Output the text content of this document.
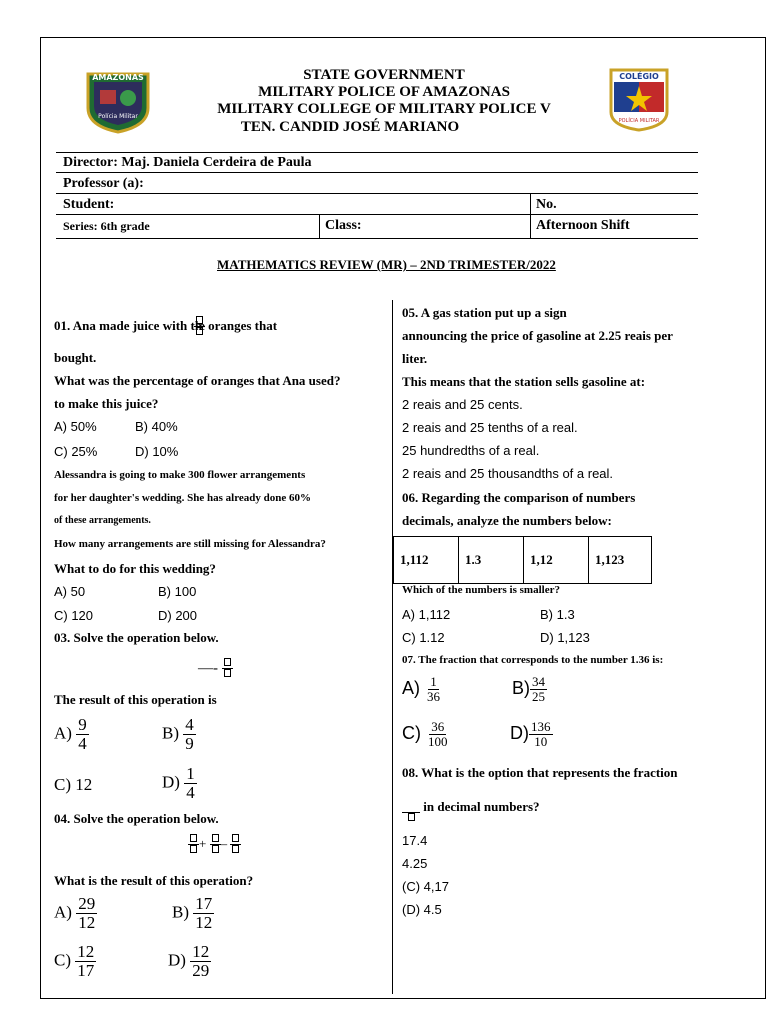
AMAZONAS
Polícia Militar
COLÉGIO
POLÍCIA MILITAR
STATE GOVERNMENT
MILITARY POLICE OF AMAZONAS
MILITARY COLLEGE OF MILITARY POLICE V
TEN. CANDID JOSÉ MARIANO
Director: Maj. Daniela Cerdeira de Paula
Professor (a):
Student:	No.
Series: 6th grade	Class:	Afternoon Shift
MATHEMATICS REVIEW (MR) – 2ND TRIMESTER/2022
01. Ana made juice with th
e oranges that
bought.
What was the percentage of oranges that Ana used?
to make this juice?
A) 50%	B) 40%
C) 25%	D) 10%
Alessandra is going to make 300 flower arrangements
for her daughter's wedding. She has already done 60%
of these arrangements.
How many arrangements are still missing for Alessandra?
What to do for this wedding?
A) 50	B) 100
C) 120	D) 200
03. Solve the operation below.
—-
The result of this operation is
$A) \frac{9}{4}$	$B) \frac{4}{9}$
C) 12	$D) \frac{1}{4}$
04. Solve the operation below.
+ –
What is the result of this operation?
$A) \frac{29}{12}$	$B) \frac{17}{12}$
$C) \frac{12}{17}$	$D) \frac{12}{29}$
05. A gas station put up a sign
announcing the price of gasoline at 2.25 reais per
liter.
This means that the station sells gasoline at:
2 reais and 25 cents.
2 reais and 25 tenths of a real.
25 hundredths of a real.
2 reais and 25 thousandths of a real.
06. Regarding the comparison of numbers
decimals, analyze the numbers below:
1,112	1.3	1,12	1,123
Which of the numbers is smaller?
A) 1,112	B) 1.3
C) 1.12	D) 1,123
07. The fraction that corresponds to the number 1.36 is:
$A) \frac{1}{36}$	$B) \frac{34}{25}$
$C) \frac{36}{100}$	$D) \frac{136}{10}$
08. What is the option that represents the fraction
in decimal numbers?
17.4
4.25
(C) 4,17
(D) 4.5
